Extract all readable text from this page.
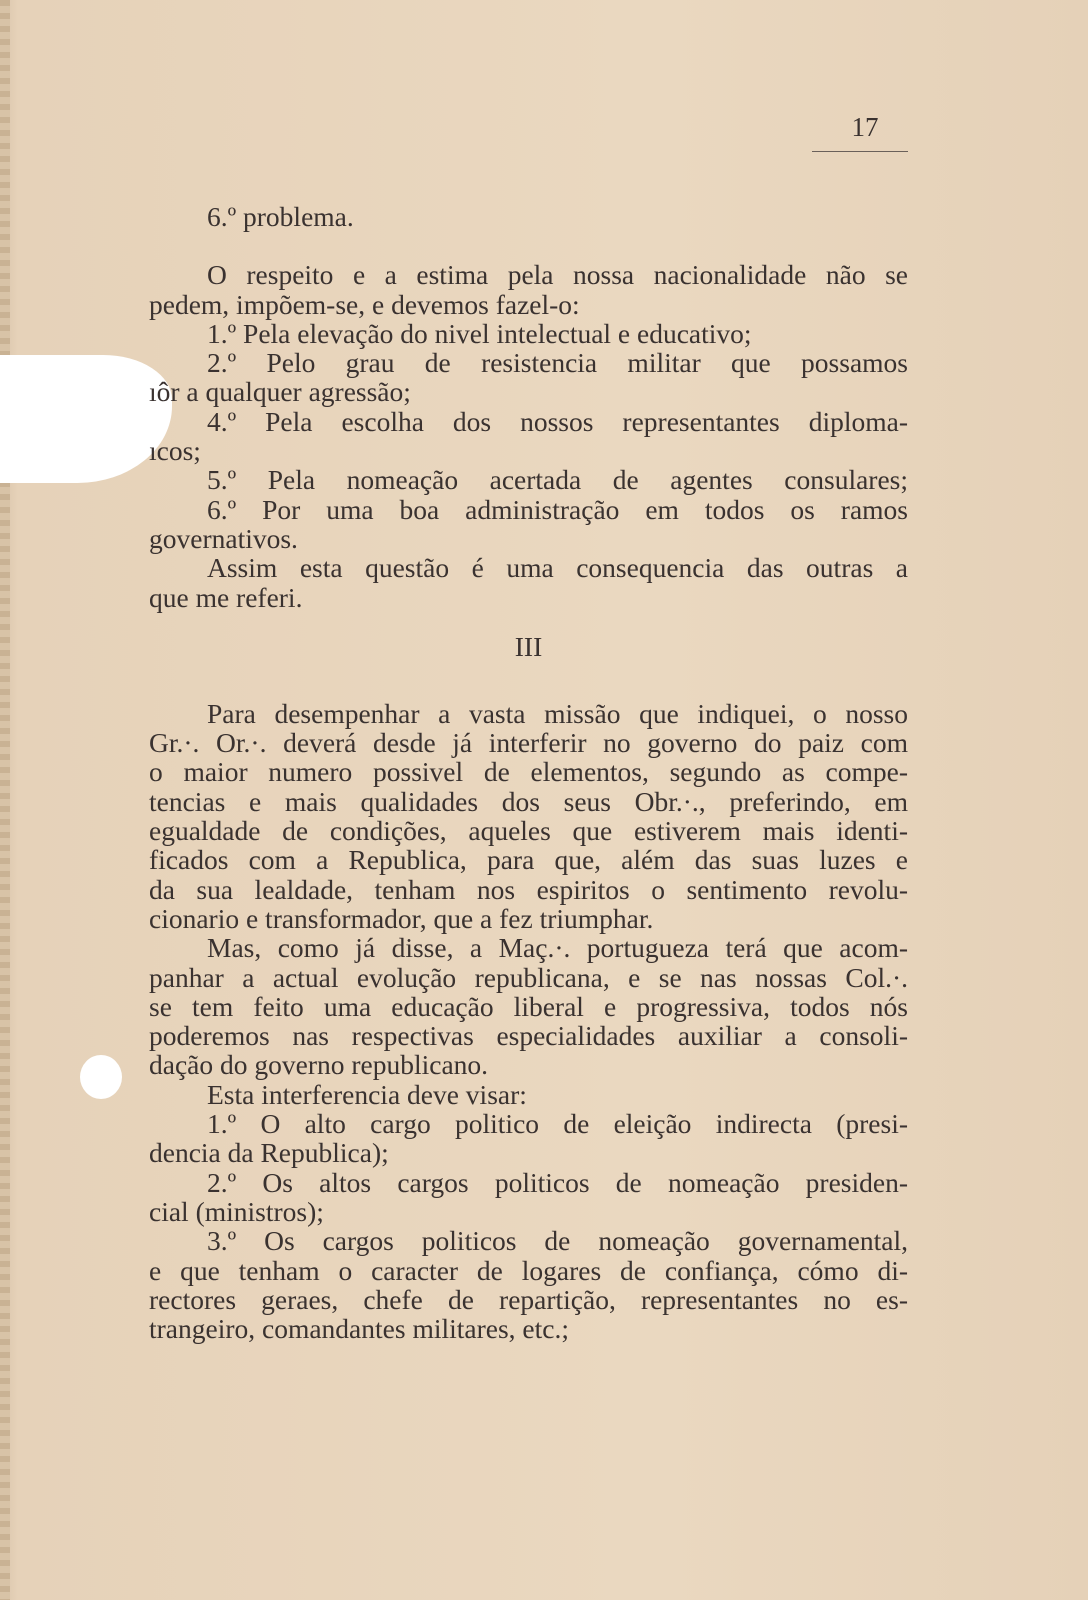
17

6.º problema.

O respeito e a estima pela nossa nacionalidade não se

pedem, impõem-se, e devemos fazel-o:

1.º Pela elevação do nivel intelectual e educativo;

2.º Pelo grau de resistencia militar que possamos

ıôr a qualquer agressão;

4.º Pela escolha dos nossos representantes diploma-

ıcos;

5.º Pela nomeação acertada de agentes consulares;

6.º Por uma boa administração em todos os ramos

governativos.

Assim esta questão é uma consequencia das outras a

que me referi.

III

Para desempenhar a vasta missão que indiquei, o nosso

Gr.·. Or.·. deverá desde já interferir no governo do paiz com

o maior numero possivel de elementos, segundo as compe-

tencias e mais qualidades dos seus Obr.·., preferindo, em

egualdade de condições, aqueles que estiverem mais identi-

ficados com a Republica, para que, além das suas luzes e

da sua lealdade, tenham nos espiritos o sentimento revolu-

cionario e transformador, que a fez triumphar.

Mas, como já disse, a Maç.·. portugueza terá que acom-

panhar a actual evolução republicana, e se nas nossas Col.·.

se tem feito uma educação liberal e progressiva, todos nós

poderemos nas respectivas especialidades auxiliar a consoli-

dação do governo republicano.

Esta interferencia deve visar:

1.º O alto cargo politico de eleição indirecta (presi-

dencia da Republica);

2.º Os altos cargos politicos de nomeação presiden-

cial (ministros);

3.º Os cargos politicos de nomeação governamental,

e que tenham o caracter de logares de confiança, cómo di-

rectores geraes, chefe de repartição, representantes no es-

trangeiro, comandantes militares, etc.;
